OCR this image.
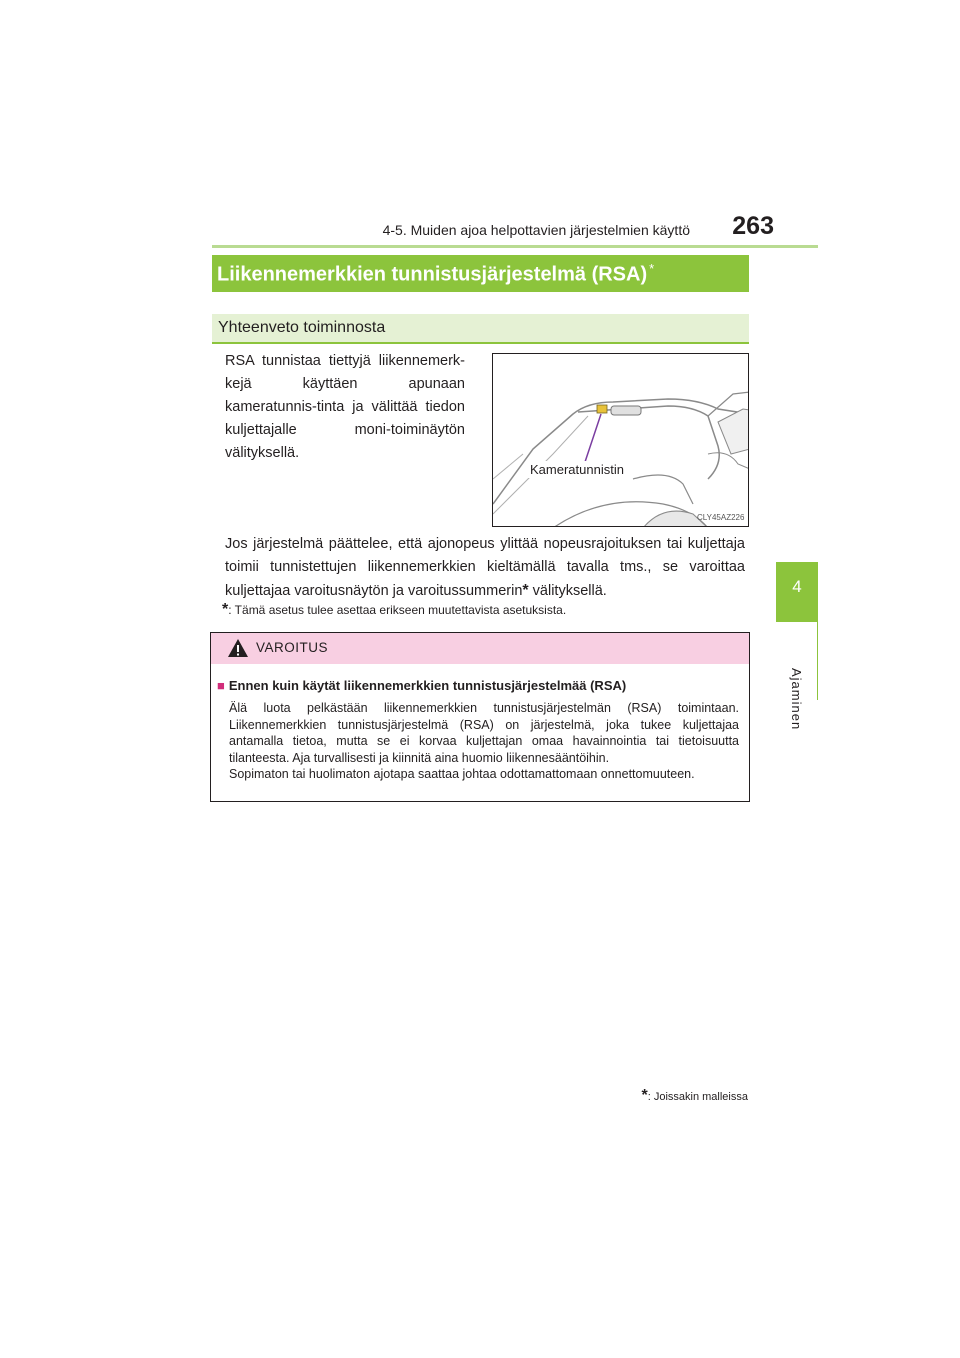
4-5. Muiden ajoa helpottavien järjestelmien käyttö	263
4
Ajaminen
Liikennemerkkien tunnistusjärjestelmä (RSA) *
Yhteenveto toiminnosta
RSA tunnistaa tiettyjä liikennemerk-kejä käyttäen apunaan kameratunnis-tinta ja välittää tiedon kuljettajalle moni-toiminäytön välityksellä.
Kameratunnistin
CLY45AZ226
Jos järjestelmä päättelee, että ajonopeus ylittää nopeusrajoituksen tai kuljettaja toimii tunnistettujen liikennemerkkien kieltämällä tavalla tms., se varoittaa kuljettajaa varoitusnäytön ja varoitussummerin* välityksellä.
*: Tämä asetus tulee asettaa erikseen muutettavista asetuksista.
VAROITUS
■ Ennen kuin käytät liikennemerkkien tunnistusjärjestelmää (RSA)
Älä luota pelkästään liikennemerkkien tunnistusjärjestelmän (RSA) toimintaan. Liikennemerkkien tunnistusjärjestelmä (RSA) on järjestelmä, joka tukee kuljettajaa antamalla tietoa, mutta se ei korvaa kuljettajan omaa havainnointia tai tietoisuutta tilanteesta. Aja turvallisesti ja kiinnitä aina huomio liikennesääntöihin.
Sopimaton tai huolimaton ajotapa saattaa johtaa odottamattomaan onnettomuuteen.
*: Joissakin malleissa
